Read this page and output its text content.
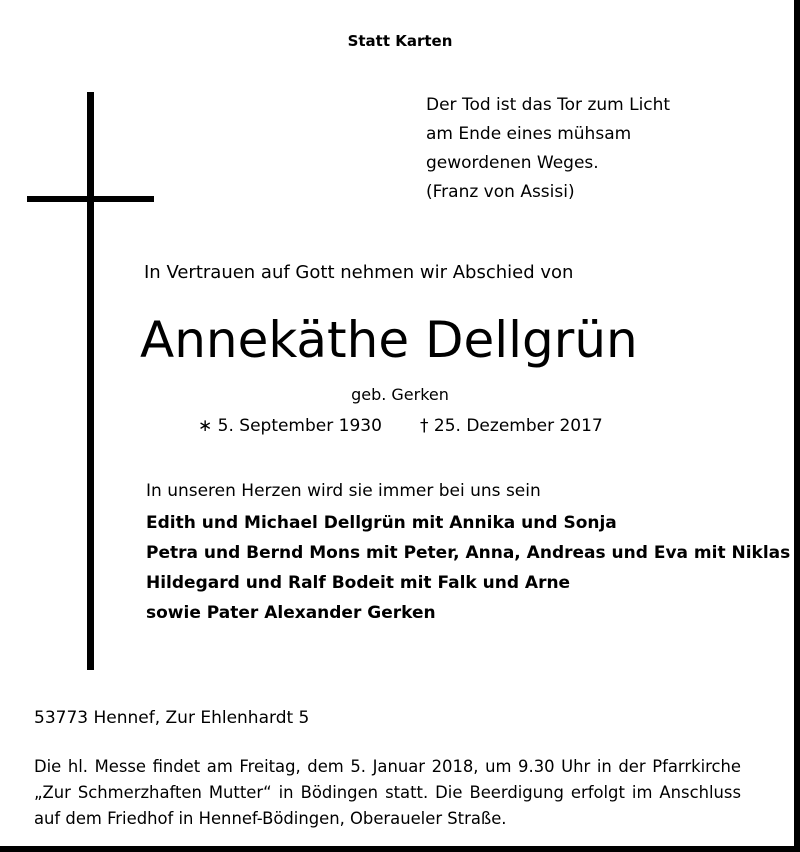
Statt Karten
Der Tod ist das Tor zum Licht
am Ende eines mühsam
gewordenen Weges.
(Franz von Assisi)
In Vertrauen auf Gott nehmen wir Abschied von
Annekäthe Dellgrün
geb. Gerken
∗ 5. September 1930 † 25. Dezember 2017
In unseren Herzen wird sie immer bei uns sein
Edith und Michael Dellgrün mit Annika und Sonja
Petra und Bernd Mons mit Peter, Anna, Andreas und Eva mit Niklas
Hildegard und Ralf Bodeit mit Falk und Arne
sowie Pater Alexander Gerken
53773 Hennef, Zur Ehlenhardt 5
Die hl. Messe findet am Freitag, dem 5. Januar 2018, um 9.30 Uhr in der Pfarrkirche „Zur Schmerzhaften Mutter“ in Bödingen statt. Die Beerdigung erfolgt im Anschluss auf dem Friedhof in Hennef-Bödingen, Oberaueler Straße.
